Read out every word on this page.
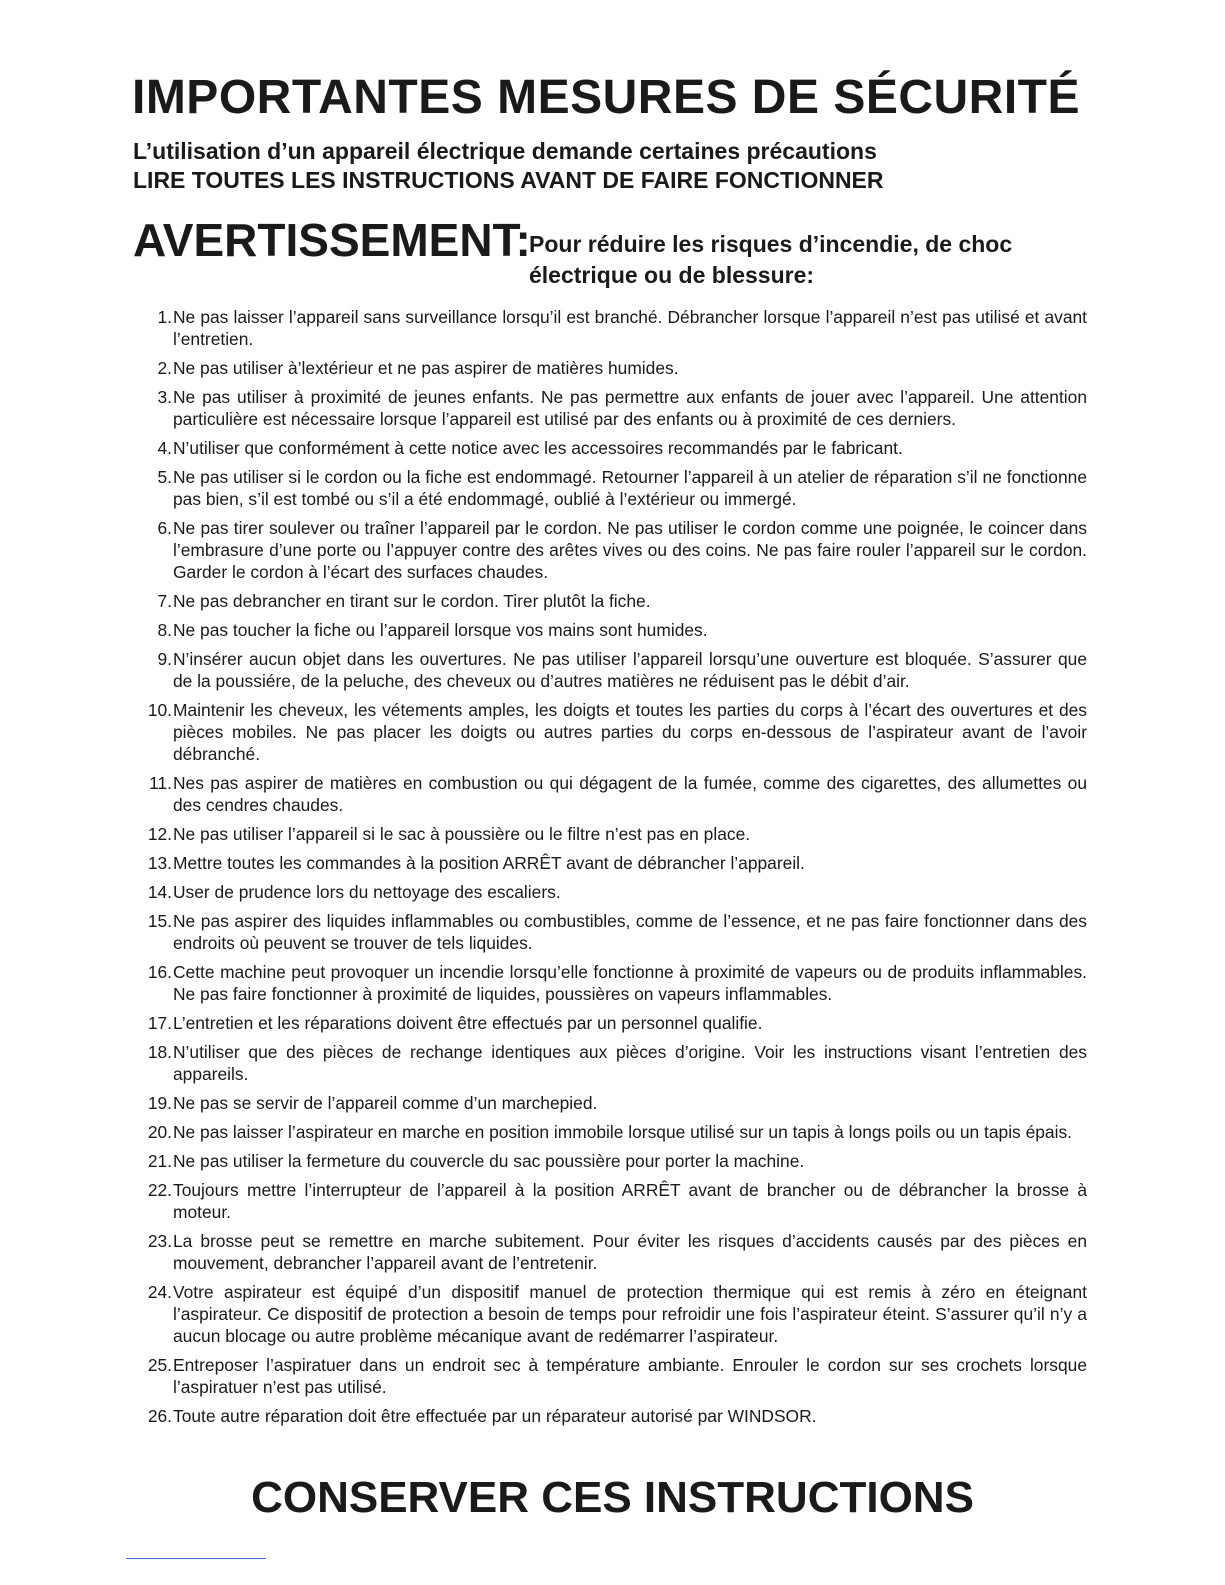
IMPORTANTES MESURES DE SÉCURITÉ
L’utilisation d’un appareil électrique demande certaines précautions
LIRE TOUTES LES INSTRUCTIONS AVANT DE FAIRE FONCTIONNER
AVERTISSEMENT:
Pour réduire les risques d’incendie, de choc électrique ou de blessure:
1. Ne pas laisser l’appareil sans surveillance lorsqu’il est branché. Débrancher lorsque l’appareil n’est pas utilisé et avant l’entretien.
2. Ne pas utiliser à’lextérieur et ne pas aspirer de matières humides.
3. Ne pas utiliser à proximité de jeunes enfants. Ne pas permettre aux enfants de jouer avec l’appareil. Une attention particulière est nécessaire lorsque l’appareil est utilisé par des enfants ou à proximité de ces derniers.
4. N’utiliser que conformément à cette notice avec les accessoires recommandés par le fabricant.
5. Ne pas utiliser si le cordon ou la fiche est endommagé. Retourner l’appareil à un atelier de réparation s’il ne fonctionne pas bien, s’il est tombé ou s’il a été endommagé, oublié à l’extérieur ou immergé.
6. Ne pas tirer soulever ou traîner l’appareil par le cordon. Ne pas utiliser le cordon comme une poignée, le coincer dans l’embrasure d’une porte ou l’appuyer contre des arêtes vives ou des coins. Ne pas faire rouler l’appareil sur le cordon. Garder le cordon à l’écart des surfaces chaudes.
7. Ne pas debrancher en tirant sur le cordon. Tirer plutôt la fiche.
8. Ne pas toucher la fiche ou l’appareil lorsque vos mains sont humides.
9. N’insérer aucun objet dans les ouvertures. Ne pas utiliser l’appareil lorsqu’une ouverture est bloquée. S’assurer que de la poussiére, de la peluche, des cheveux ou d’autres matières ne réduisent pas le débit d’air.
10. Maintenir les cheveux, les vétements amples, les doigts et toutes les parties du corps à l’écart des ouvertures et des pièces mobiles. Ne pas placer les doigts ou autres parties du corps en-dessous de l’aspirateur avant de l’avoir débranché.
11. Nes pas aspirer de matières en combustion ou qui dégagent de la fumée, comme des cigarettes, des allumettes ou des cendres chaudes.
12. Ne pas utiliser l’appareil si le sac à poussière ou le filtre n’est pas en place.
13. Mettre toutes les commandes à la position ARRÊT avant de débrancher l’appareil.
14. User de prudence lors du nettoyage des escaliers.
15. Ne pas aspirer des liquides inflammables ou combustibles, comme de l’essence, et ne pas faire fonctionner dans des endroits où peuvent se trouver de tels liquides.
16. Cette machine peut provoquer un incendie lorsqu’elle fonctionne à proximité de vapeurs ou de produits inflammables. Ne pas faire fonctionner à proximité de liquides, poussières on vapeurs inflammables.
17. L’entretien et les réparations doivent être effectués par un personnel qualifie.
18. N’utiliser que des pièces de rechange identiques aux pièces d’origine. Voir les instructions visant l’entretien des appareils.
19. Ne pas se servir de l’appareil comme d’un marchepied.
20. Ne pas laisser l’aspirateur en marche en position immobile lorsque utilisé sur un tapis à longs poils ou un tapis épais.
21. Ne pas utiliser la fermeture du couvercle du sac poussière pour porter la machine.
22. Toujours mettre l’interrupteur de l’appareil à la position ARRÊT avant de brancher ou de débrancher la brosse à moteur.
23. La brosse peut se remettre en marche subitement. Pour éviter les risques d’accidents causés par des pièces en mouvement, debrancher l’appareil avant de l’entretenir.
24. Votre aspirateur est équipé d’un dispositif manuel de protection thermique qui est remis à zéro en éteignant l’aspirateur. Ce dispositif de protection a besoin de temps pour refroidir une fois l’aspirateur éteint. S’assurer qu’il n’y a aucun blocage ou autre problème mécanique avant de redémarrer l’aspirateur.
25. Entreposer l’aspiratuer dans un endroit sec à température ambiante. Enrouler le cordon sur ses crochets lorsque l’aspiratuer n’est pas utilisé.
26. Toute autre réparation doit être effectuée par un réparateur autorisé par WINDSOR.
CONSERVER CES INSTRUCTIONS
